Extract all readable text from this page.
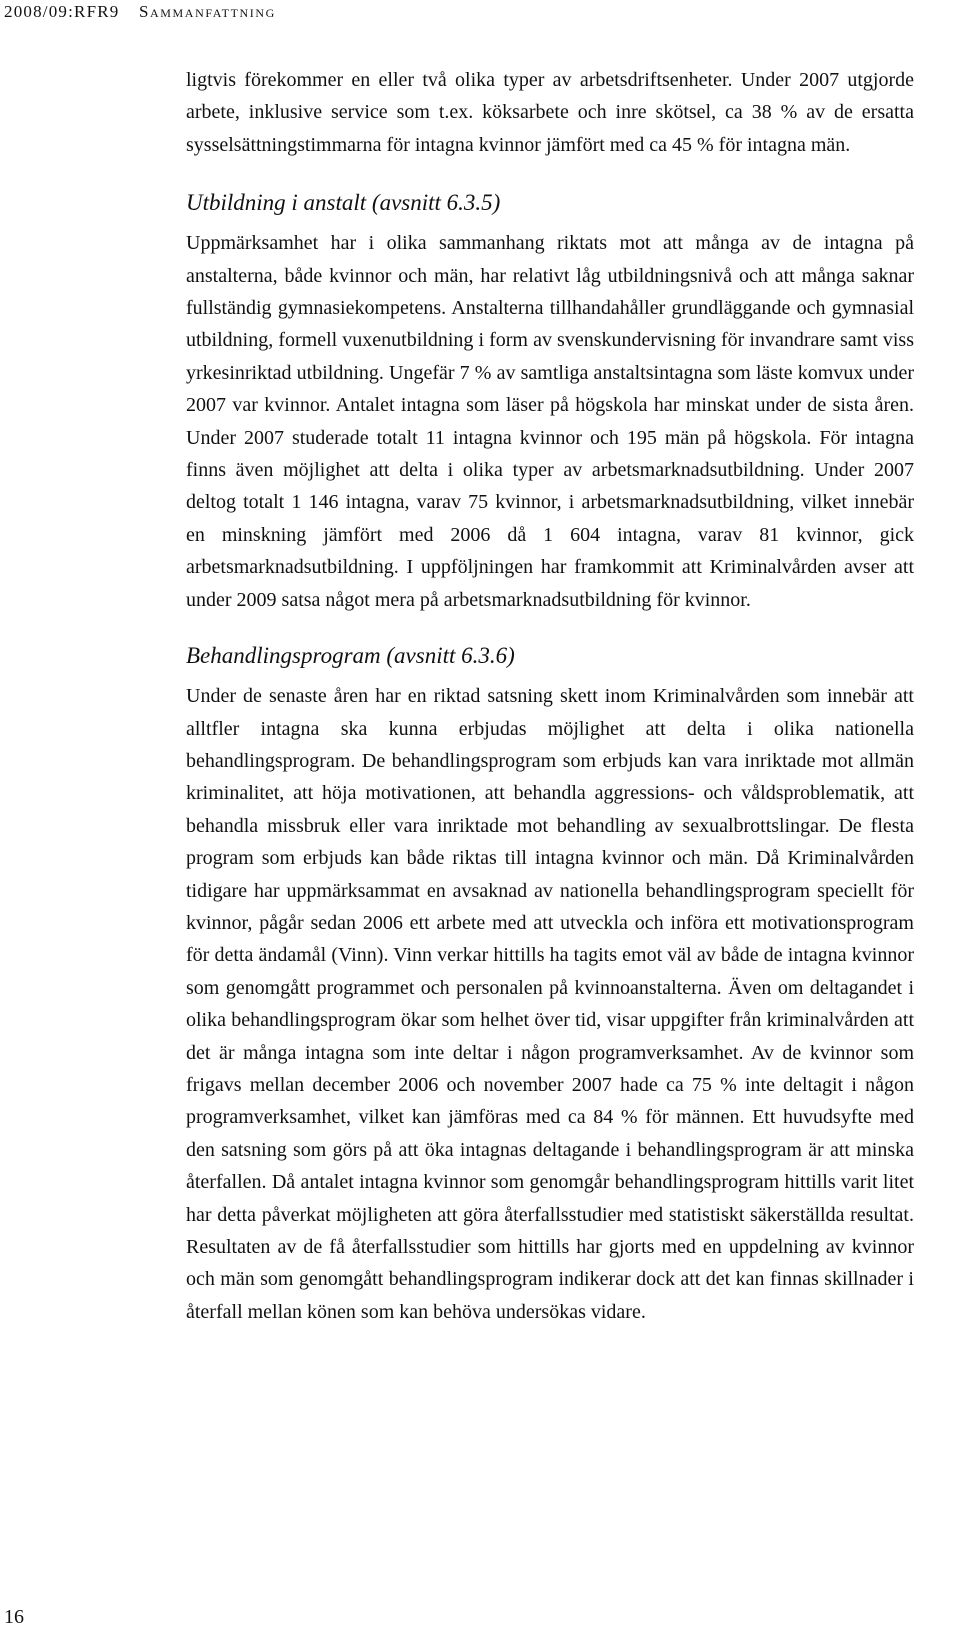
2008/09:RFR9 Sammanfattning

ligtvis förekommer en eller två olika typer av arbetsdriftsenheter. Under 2007 utgjorde arbete, inklusive service som t.ex. köksarbete och inre skötsel, ca 38 % av de ersatta sysselsättningstimmarna för intagna kvinnor jämfört med ca 45 % för intagna män.

Utbildning i anstalt (avsnitt 6.3.5)

Uppmärksamhet har i olika sammanhang riktats mot att många av de intagna på anstalterna, både kvinnor och män, har relativt låg utbildningsnivå och att många saknar fullständig gymnasiekompetens. Anstalterna tillhandahåller grundläggande och gymnasial utbildning, formell vuxenutbildning i form av svenskundervisning för invandrare samt viss yrkesinriktad utbildning. Ungefär 7 % av samtliga anstaltsintagna som läste komvux under 2007 var kvinnor. Antalet intagna som läser på högskola har minskat under de sista åren. Under 2007 studerade totalt 11 intagna kvinnor och 195 män på högskola. För intagna finns även möjlighet att delta i olika typer av arbetsmarknadsutbildning. Under 2007 deltog totalt 1 146 intagna, varav 75 kvinnor, i arbetsmarknadsutbildning, vilket innebär en minskning jämfört med 2006 då 1 604 intagna, varav 81 kvinnor, gick arbetsmarknadsutbildning. I uppföljningen har framkommit att Kriminalvården avser att under 2009 satsa något mera på arbetsmarknadsutbildning för kvinnor.

Behandlingsprogram (avsnitt 6.3.6)

Under de senaste åren har en riktad satsning skett inom Kriminalvården som innebär att alltfler intagna ska kunna erbjudas möjlighet att delta i olika nationella behandlingsprogram. De behandlingsprogram som erbjuds kan vara inriktade mot allmän kriminalitet, att höja motivationen, att behandla aggressions- och våldsproblematik, att behandla missbruk eller vara inriktade mot behandling av sexualbrottslingar. De flesta program som erbjuds kan både riktas till intagna kvinnor och män. Då Kriminalvården tidigare har uppmärksammat en avsaknad av nationella behandlingsprogram speciellt för kvinnor, pågår sedan 2006 ett arbete med att utveckla och införa ett motivationsprogram för detta ändamål (Vinn). Vinn verkar hittills ha tagits emot väl av både de intagna kvinnor som genomgått programmet och personalen på kvinnoanstalterna. Även om deltagandet i olika behandlingsprogram ökar som helhet över tid, visar uppgifter från kriminalvården att det är många intagna som inte deltar i någon programverksamhet. Av de kvinnor som frigavs mellan december 2006 och november 2007 hade ca 75 % inte deltagit i någon programverksamhet, vilket kan jämföras med ca 84 % för männen. Ett huvudsyfte med den satsning som görs på att öka intagnas deltagande i behandlingsprogram är att minska återfallen. Då antalet intagna kvinnor som genomgår behandlingsprogram hittills varit litet har detta påverkat möjligheten att göra återfallsstudier med statistiskt säkerställda resultat. Resultaten av de få återfallsstudier som hittills har gjorts med en uppdelning av kvinnor och män som genomgått behandlingsprogram indikerar dock att det kan finnas skillnader i återfall mellan könen som kan behöva undersökas vidare.

16
